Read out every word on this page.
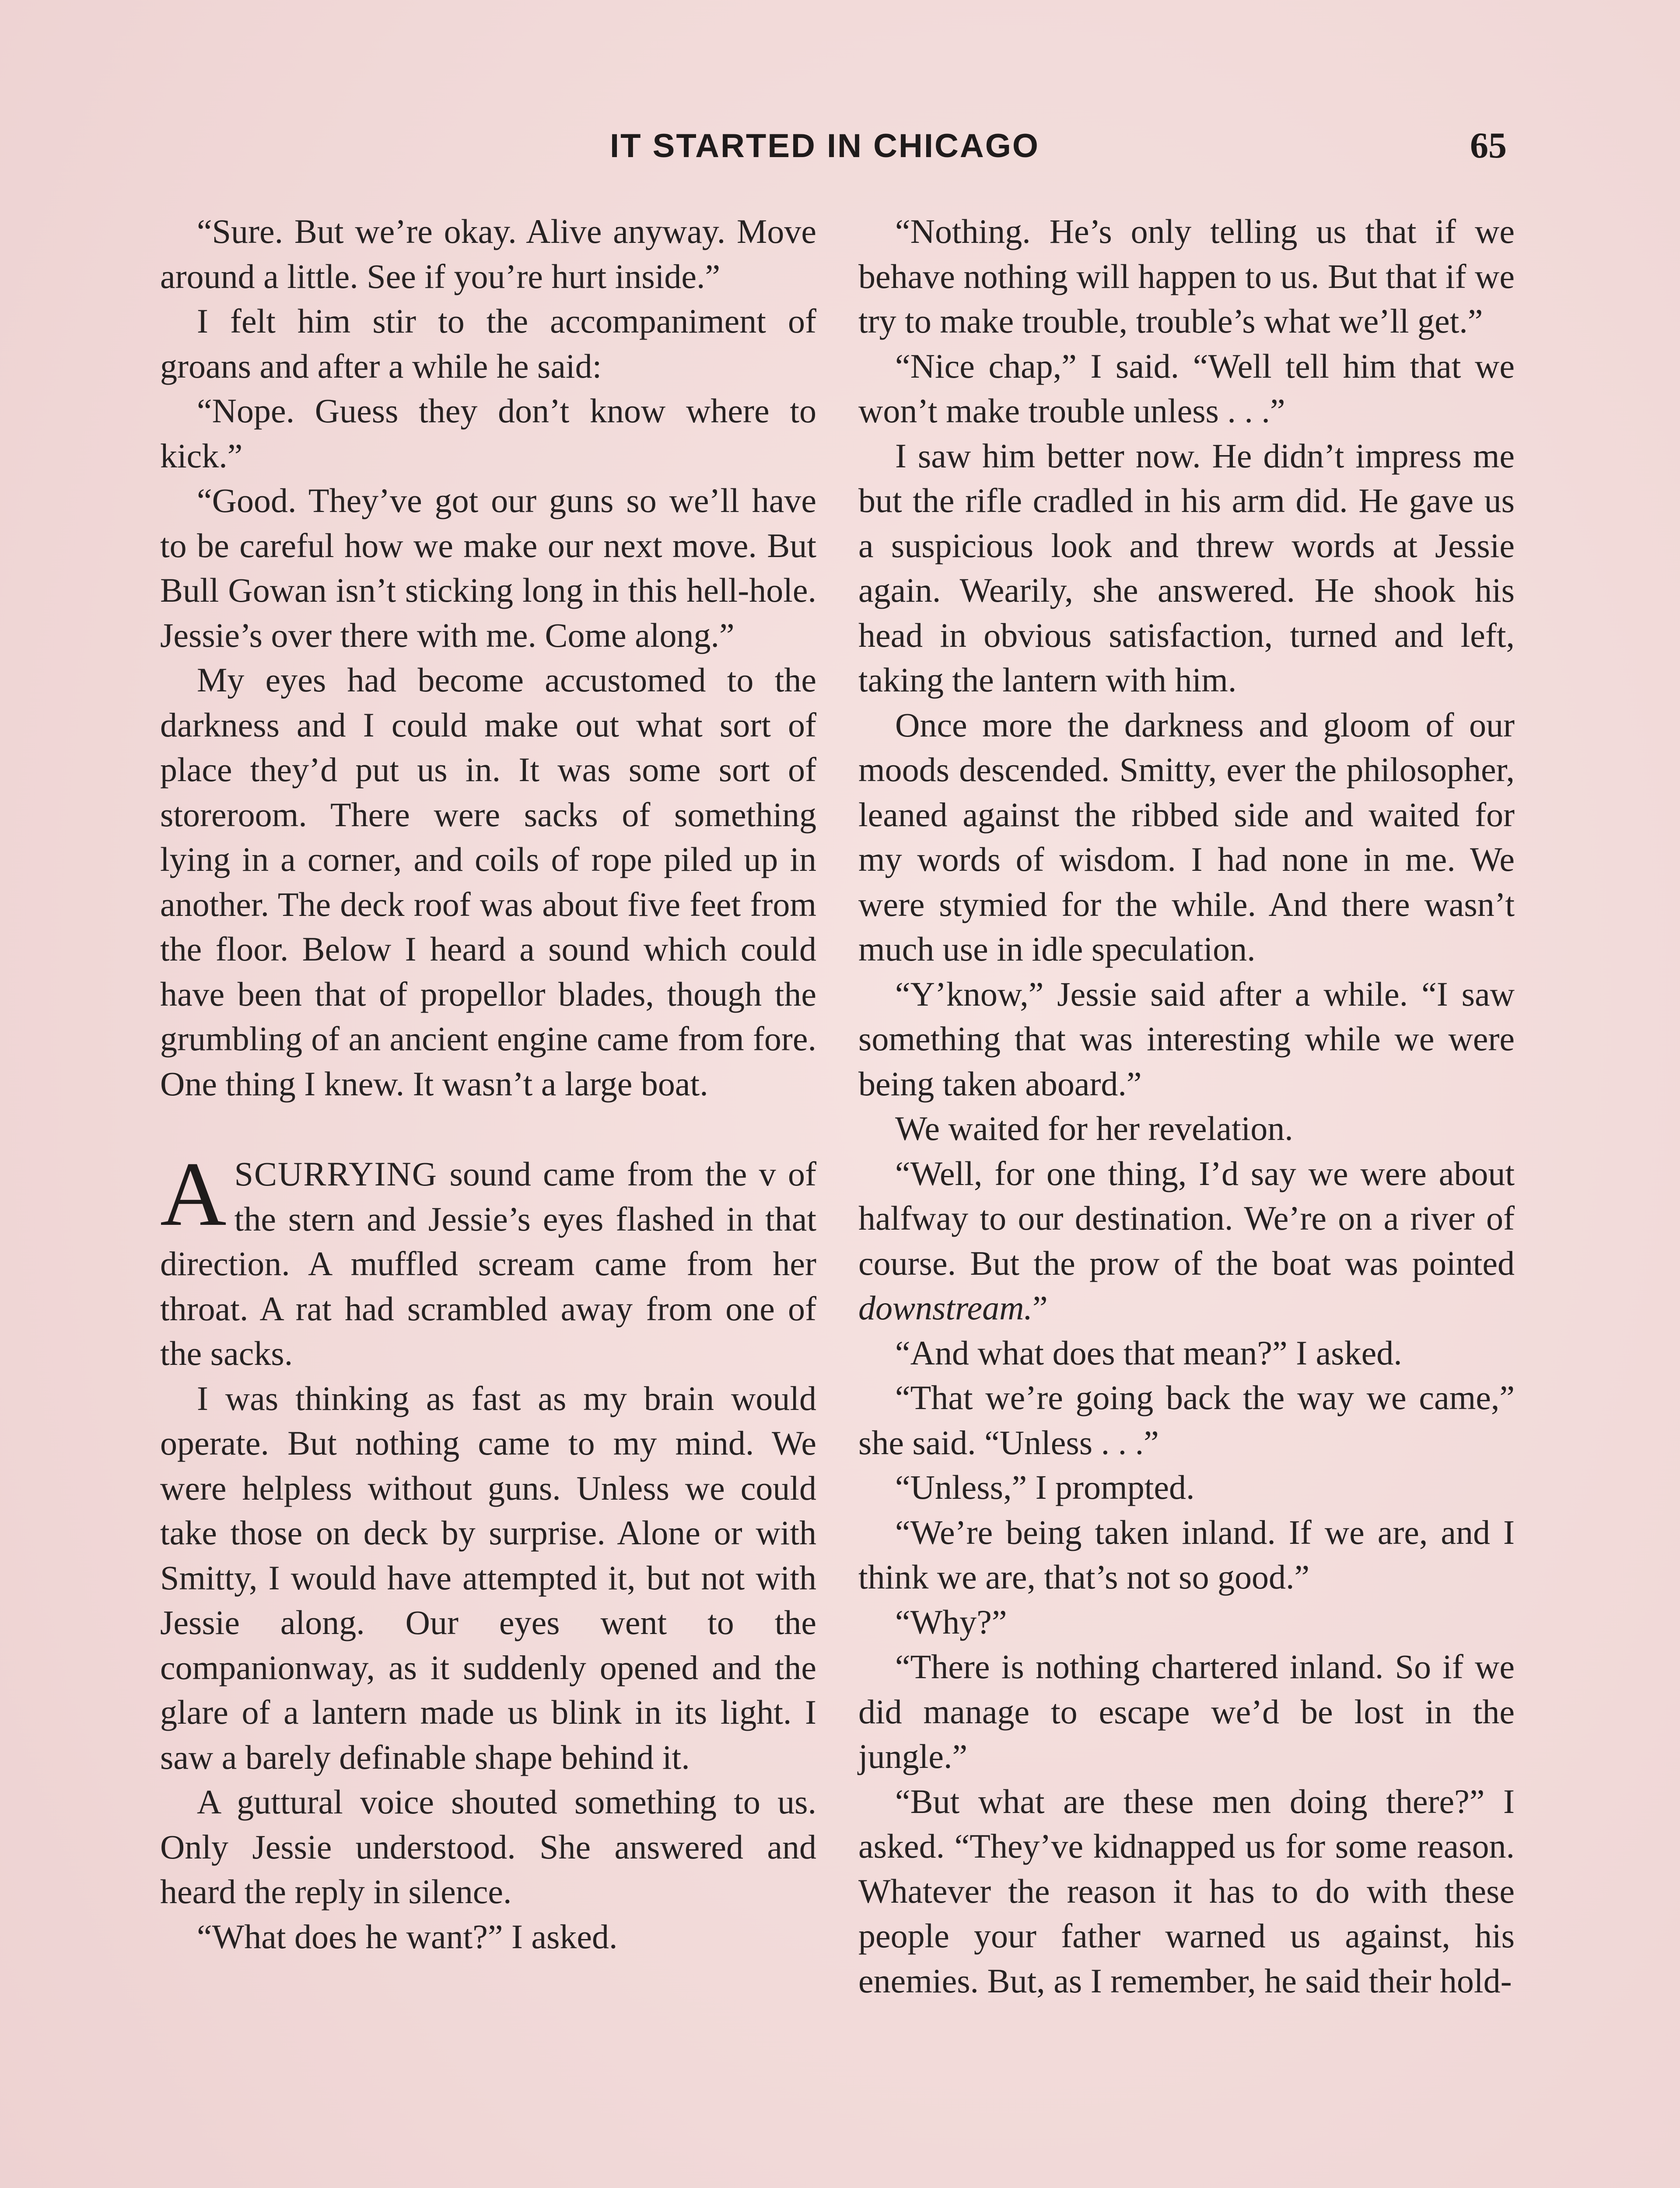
IT STARTED IN CHICAGO	65

“Sure. But we’re okay. Alive anyway. Move around a little. See if you’re hurt inside.”

I felt him stir to the accompaniment of groans and after a while he said:

“Nope. Guess they don’t know where to kick.”

“Good. They’ve got our guns so we’ll have to be careful how we make our next move. But Bull Gowan isn’t sticking long in this hell-hole. Jessie’s over there with me. Come along.”

My eyes had become accustomed to the darkness and I could make out what sort of place they’d put us in. It was some sort of storeroom. There were sacks of something lying in a corner, and coils of rope piled up in another. The deck roof was about five feet from the floor. Below I heard a sound which could have been that of propellor blades, though the grumbling of an ancient engine came from fore. One thing I knew. It wasn’t a large boat.

ASCURRYING sound came from the v of the stern and Jessie’s eyes flashed in that direction. A muffled scream came from her throat. A rat had scrambled away from one of the sacks.

I was thinking as fast as my brain would operate. But nothing came to my mind. We were helpless without guns. Unless we could take those on deck by surprise. Alone or with Smitty, I would have attempted it, but not with Jessie along. Our eyes went to the companionway, as it suddenly opened and the glare of a lantern made us blink in its light. I saw a barely definable shape behind it.

A guttural voice shouted something to us. Only Jessie understood. She answered and heard the reply in silence.

“What does he want?” I asked.

“Nothing. He’s only telling us that if we behave nothing will happen to us. But that if we try to make trouble, trouble’s what we’ll get.”

“Nice chap,” I said. “Well tell him that we won’t make trouble unless . . .”

I saw him better now. He didn’t impress me but the rifle cradled in his arm did. He gave us a suspicious look and threw words at Jessie again. Wearily, she answered. He shook his head in obvious satisfaction, turned and left, taking the lantern with him.

Once more the darkness and gloom of our moods descended. Smitty, ever the philosopher, leaned against the ribbed side and waited for my words of wisdom. I had none in me. We were stymied for the while. And there wasn’t much use in idle speculation.

“Y’know,” Jessie said after a while. “I saw something that was interesting while we were being taken aboard.”

We waited for her revelation.

“Well, for one thing, I’d say we were about halfway to our destination. We’re on a river of course. But the prow of the boat was pointed downstream.”

“And what does that mean?” I asked.

“That we’re going back the way we came,” she said. “Unless . . .”

“Unless,” I prompted.

“We’re being taken inland. If we are, and I think we are, that’s not so good.”

“Why?”

“There is nothing chartered inland. So if we did manage to escape we’d be lost in the jungle.”

“But what are these men doing there?” I asked. “They’ve kidnapped us for some reason. Whatever the reason it has to do with these people your father warned us against, his enemies. But, as I remember, he said their hold-
